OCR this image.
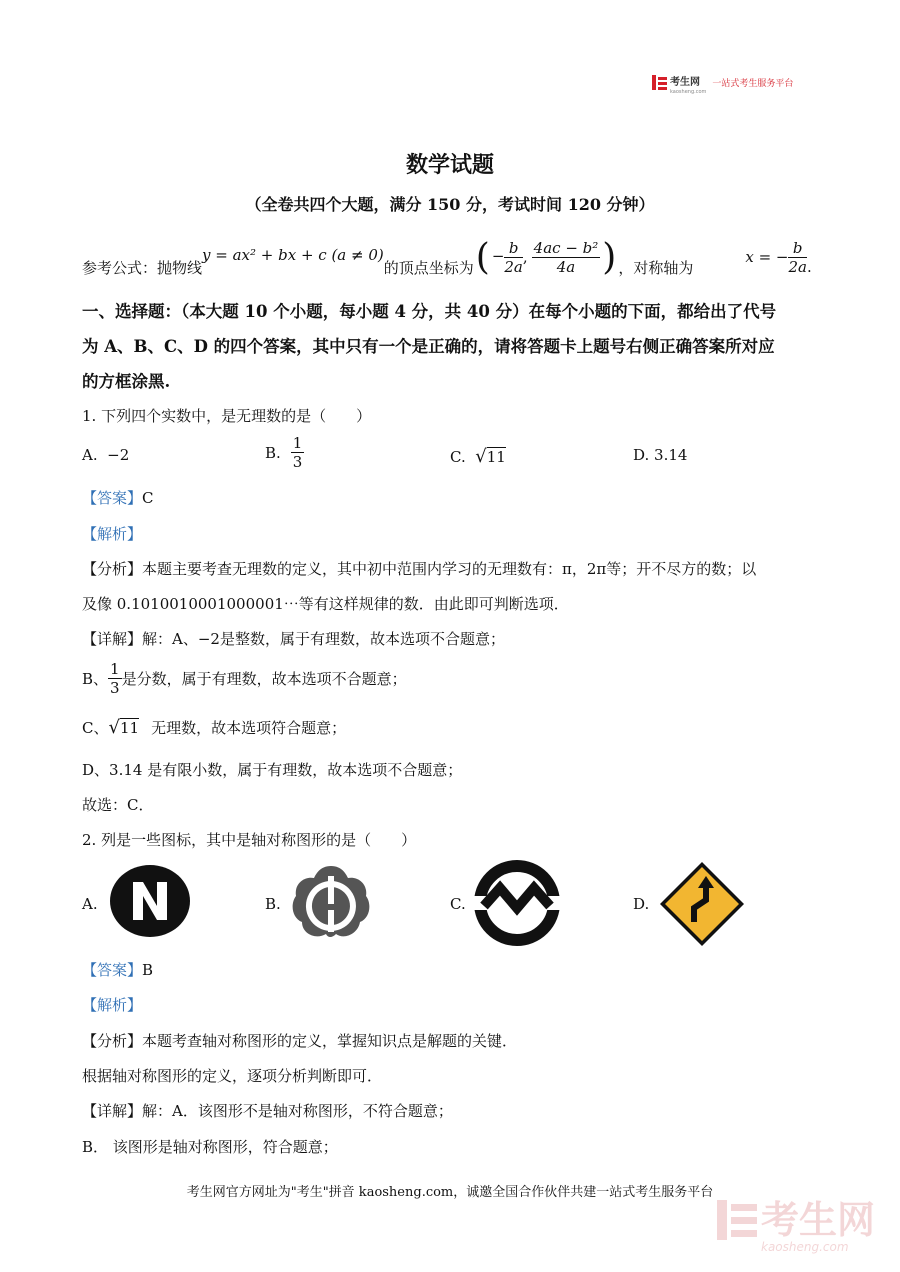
考生网
kaosheng.com
一站式考生服务平台
数学试题
（全卷共四个大题，满分 150 分，考试时间 120 分钟）
参考公式：抛物线
y = ax² + bx + c (a ≠ 0)
的顶点坐标为 ( − $\frac{b}{2a}$ , $\frac{\text{4ac − b²}}{4a}$ ) ，对称轴为
x = − $\frac{b}{2a}$ .
一、选择题：（本大题 10 个小题，每小题 4 分，共 40 分）在每个小题的下面，都给出了代号
为 A、B、C、D 的四个答案，其中只有一个是正确的，请将答题卡上题号右侧正确答案所对应
的方框涂黑.
1. 下列四个实数中，是无理数的是（　　）
A. −2	B. $\frac{1}{3}$	C. √11	D. 3.14
【答案】C
【解析】
【分析】本题主要考查无理数的定义，其中初中范围内学习的无理数有：π，2π等；开不尽方的数；以
及像 0.1010010001000001⋯等有这样规律的数．由此即可判断选项．
【详解】解：A、−2是整数，属于有理数，故本选项不合题意；
B、 $\frac{1}{3}$ 是分数，属于有理数，故本选项不合题意；
C、√11 无理数，故本选项符合题意；
D、3.14 是有限小数，属于有理数，故本选项不合题意；
故选：C．
2. 列是一些图标，其中是轴对称图形的是（　　）
A.	B.	C.	D.
【答案】B
【解析】
【分析】本题考查轴对称图形的定义，掌握知识点是解题的关键．
根据轴对称图形的定义，逐项分析判断即可．
【详解】解：A．该图形不是轴对称图形，不符合题意；
B． 该图形是轴对称图形，符合题意；
考生网官方网址为"考生"拼音 kaosheng.com，诚邀全国合作伙伴共建一站式考生服务平台
考生网
kaosheng.com
